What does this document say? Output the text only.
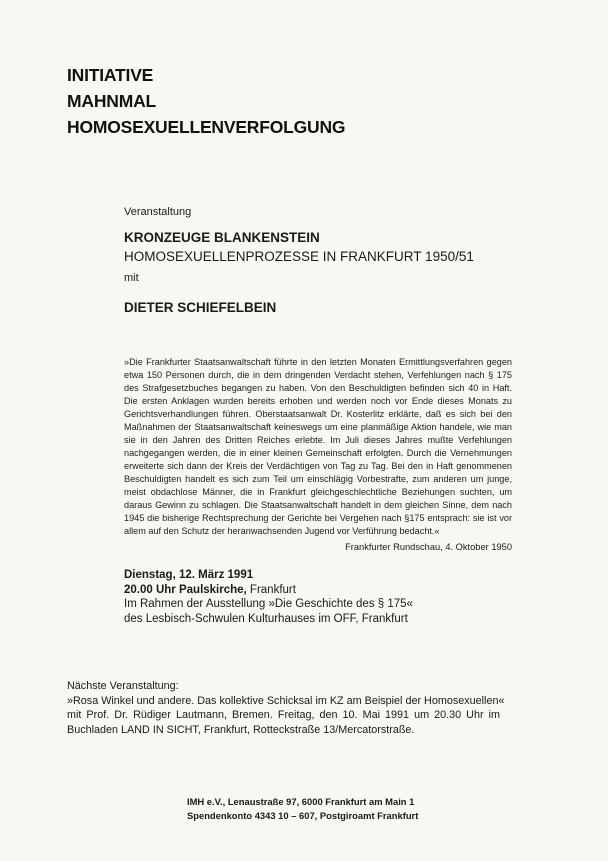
INITIATIVE
MAHNMAL
HOMOSEXUELLENVERFOLGUNG
Veranstaltung
KRONZEUGE BLANKENSTEIN
HOMOSEXUELLENPROZESSE IN FRANKFURT 1950/51
mit
DIETER SCHIEFELBEIN
»Die Frankfurter Staatsanwaltschaft führte in den letzten Monaten Ermittlungsverfahren gegen etwa 150 Personen durch, die in dem dringenden Verdacht stehen, Verfehlungen nach § 175 des Strafgesetzbuches begangen zu haben. Von den Beschuldigten befinden sich 40 in Haft. Die ersten Anklagen wurden bereits erhoben und werden noch vor Ende dieses Monats zu Gerichtsverhandlungen führen. Oberstaatsanwalt Dr. Kosterlitz erklärte, daß es sich bei den Maßnahmen der Staatsanwaltschaft keineswegs um eine planmäßige Aktion handele, wie man sie in den Jahren des Dritten Reiches erlebte. Im Juli dieses Jahres mußte Verfehlungen nachgegangen werden, die in einer kleinen Gemeinschaft erfolgten. Durch die Vernehmungen erweiterte sich dann der Kreis der Verdächtigen von Tag zu Tag. Bei den in Haft genommenen Beschuldigten handelt es sich zum Teil um einschlägig Vorbestrafte, zum anderen um junge, meist obdachlose Männer, die in Frankfurt gleichgeschlechtliche Beziehungen suchten, um daraus Gewinn zu schlagen. Die Staatsanwaltschaft handelt in dem gleichen Sinne, dem nach 1945 die bisherige Rechtsprechung der Gerichte bei Vergehen nach §175 entsprach: sie ist vor allem auf den Schutz der heranwachsenden Jugend vor Verführung bedacht.«
Frankfurter Rundschau, 4. Oktober 1950
Dienstag, 12. März 1991
20.00 Uhr Paulskirche, Frankfurt
Im Rahmen der Ausstellung »Die Geschichte des § 175«
des Lesbisch-Schwulen Kulturhauses im OFF, Frankfurt
Nächste Veranstaltung:
»Rosa Winkel und andere. Das kollektive Schicksal im KZ am Beispiel der Homosexuellen«
mit Prof. Dr. Rüdiger Lautmann, Bremen. Freitag, den 10. Mai 1991 um 20.30 Uhr im
Buchladen LAND IN SICHT, Frankfurt, Rotteckstraße 13/Mercatorstraße.
IMH e.V., Lenaustraße 97, 6000 Frankfurt am Main 1
Spendenkonto 4343 10 – 607, Postgiroamt Frankfurt
